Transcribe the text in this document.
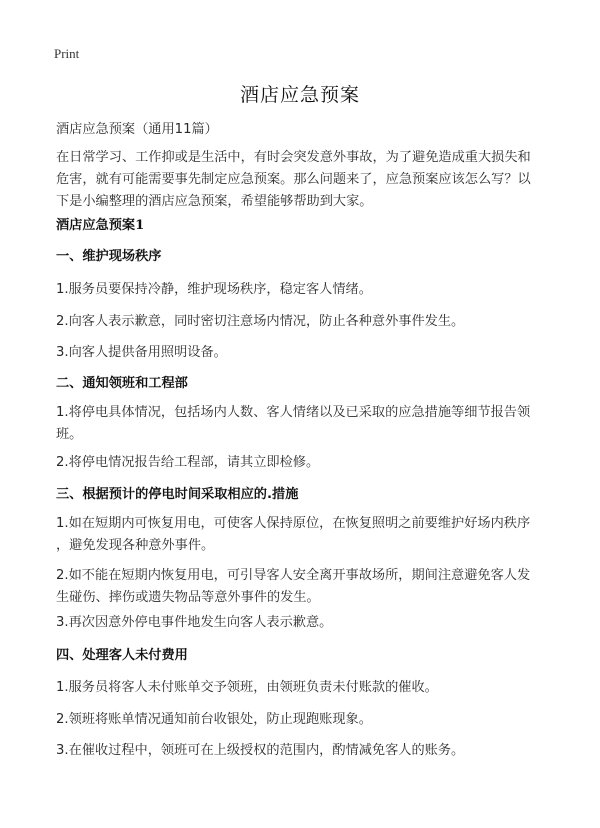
Print
酒店应急预案
酒店应急预案（通用11篇）
在日常学习、工作抑或是生活中，有时会突发意外事故，为了避免造成重大损失和
危害，就有可能需要事先制定应急预案。那么问题来了，应急预案应该怎么写？以
下是小编整理的酒店应急预案，希望能够帮助到大家。
酒店应急预案1
一、维护现场秩序
1.服务员要保持冷静，维护现场秩序，稳定客人情绪。
2.向客人表示歉意，同时密切注意场内情况，防止各种意外事件发生。
3.向客人提供备用照明设备。
二、通知领班和工程部
1.将停电具体情况，包括场内人数、客人情绪以及已采取的应急措施等细节报告领
班。
2.将停电情况报告给工程部，请其立即检修。
三、根据预计的停电时间采取相应的.措施
1.如在短期内可恢复用电，可使客人保持原位，在恢复照明之前要维护好场内秩序
，避免发现各种意外事件。
2.如不能在短期内恢复用电，可引导客人安全离开事故场所，期间注意避免客人发
生碰伤、摔伤或遗失物品等意外事件的发生。
3.再次因意外停电事件地发生向客人表示歉意。
四、处理客人未付费用
1.服务员将客人未付账单交予领班，由领班负责未付账款的催收。
2.领班将账单情况通知前台收银处，防止现跑账现象。
3.在催收过程中，领班可在上级授权的范围内，酌情减免客人的账务。
